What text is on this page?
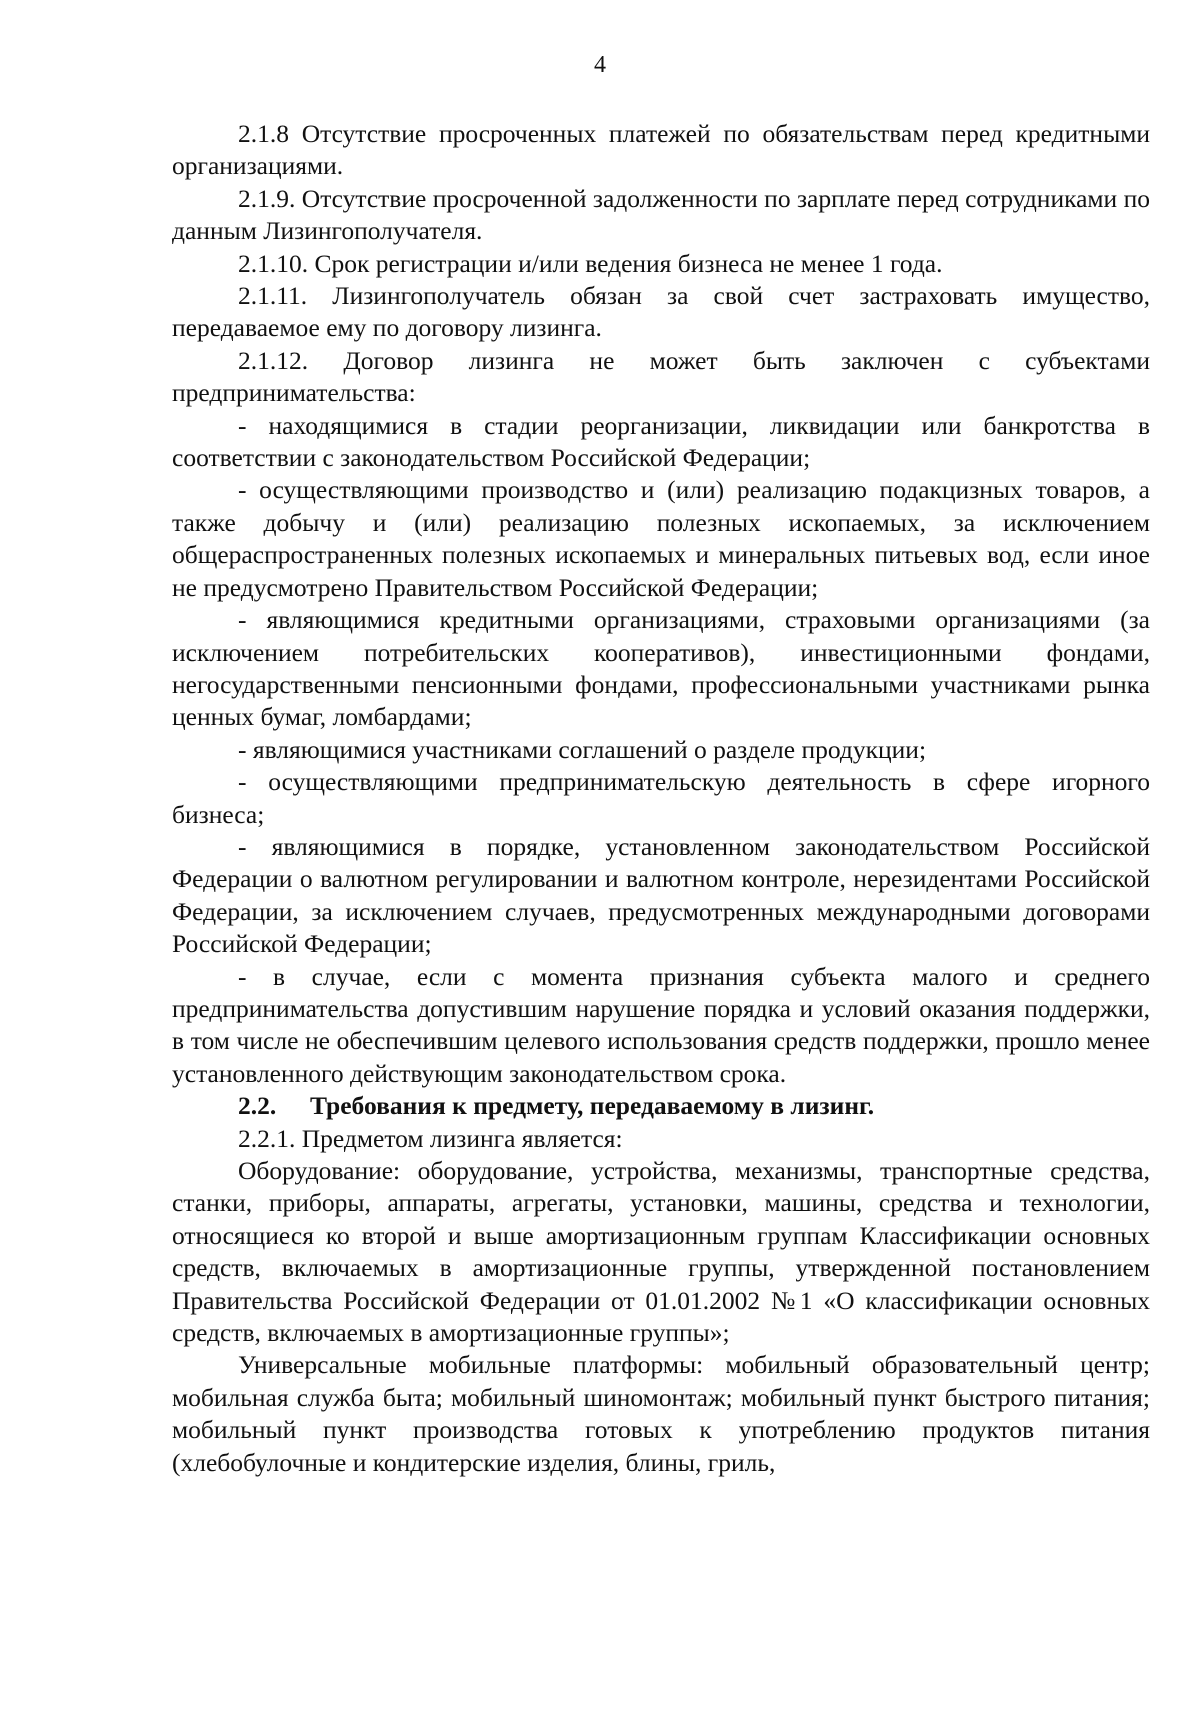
4

2.1.8 Отсутствие просроченных платежей по обязательствам перед кредитными организациями.

2.1.9. Отсутствие просроченной задолженности по зарплате перед сотрудниками по данным Лизингополучателя.

2.1.10. Срок регистрации и/или ведения бизнеса не менее 1 года.

2.1.11. Лизингополучатель обязан за свой счет застраховать имущество, передаваемое ему по договору лизинга.

2.1.12. Договор лизинга не может быть заключен с субъектами предпринимательства:

- находящимися в стадии реорганизации, ликвидации или банкротства в соответствии с законодательством Российской Федерации;

- осуществляющими производство и (или) реализацию подакцизных товаров, а также добычу и (или) реализацию полезных ископаемых, за исключением общераспространенных полезных ископаемых и минеральных питьевых вод, если иное не предусмотрено Правительством Российской Федерации;

- являющимися кредитными организациями, страховыми организациями (за исключением потребительских кооперативов), инвестиционными фондами, негосударственными пенсионными фондами, профессиональными участниками рынка ценных бумаг, ломбардами;

- являющимися участниками соглашений о разделе продукции;

- осуществляющими предпринимательскую деятельность в сфере игорного бизнеса;

- являющимися в порядке, установленном законодательством Российской Федерации о валютном регулировании и валютном контроле, нерезидентами Российской Федерации, за исключением случаев, предусмотренных международными договорами Российской Федерации;

- в случае, если с момента признания субъекта малого и среднего предпринимательства допустившим нарушение порядка и условий оказания поддержки, в том числе не обеспечившим целевого использования средств поддержки, прошло менее установленного действующим законодательством срока.

2.2. Требования к предмету, передаваемому в лизинг.

2.2.1. Предметом лизинга является:

Оборудование: оборудование, устройства, механизмы, транспортные средства, станки, приборы, аппараты, агрегаты, установки, машины, средства и технологии, относящиеся ко второй и выше амортизационным группам Классификации основных средств, включаемых в амортизационные группы, утвержденной постановлением Правительства Российской Федерации от 01.01.2002 №1 «О классификации основных средств, включаемых в амортизационные группы»;

Универсальные мобильные платформы: мобильный образовательный центр; мобильная служба быта; мобильный шиномонтаж; мобильный пункт быстрого питания; мобильный пункт производства готовых к употреблению продуктов питания (хлебобулочные и кондитерские изделия, блины, гриль,
